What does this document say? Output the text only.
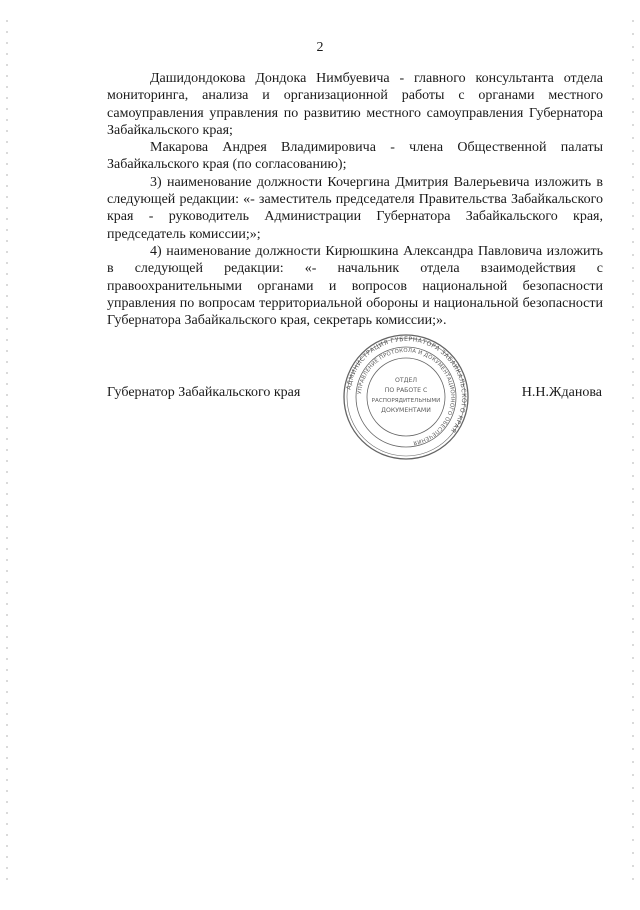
2

Дашидондокова Дондока Нимбуевича - главного консультанта отдела мониторинга, анализа и организационной работы с органами местного самоуправления управления по развитию местного самоуправления Губернатора Забайкальского края;

Макарова Андрея Владимировича - члена Общественной палаты Забайкальского края (по согласованию);

3) наименование должности Кочергина Дмитрия Валерьевича изложить в следующей редакции: «- заместитель председателя Правительства Забайкальского края - руководитель Администрации Губернатора Забайкальского края, председатель комиссии;»;

4) наименование должности Кирюшкина Александра Павловича изложить в следующей редакции: «- начальник отдела взаимодействия с правоохранительными органами и вопросов национальной безопасности управления по вопросам территориальной обороны и национальной безопасности Губернатора Забайкальского края, секретарь комиссии;».

Губернатор Забайкальского края	Н.Н.Жданова
АДМИНИСТРАЦИЯ ГУБЕРНАТОРА ЗАБАЙКАЛЬСКОГО КРАЯ
УПРАВЛЕНИЕ ПРОТОКОЛА И ДОКУМЕНТАЦИОННОГО ОБЕСПЕЧЕНИЯ
ОТДЕЛ
ПО РАБОТЕ С
РАСПОРЯДИТЕЛЬНЫМИ
ДОКУМЕНТАМИ
